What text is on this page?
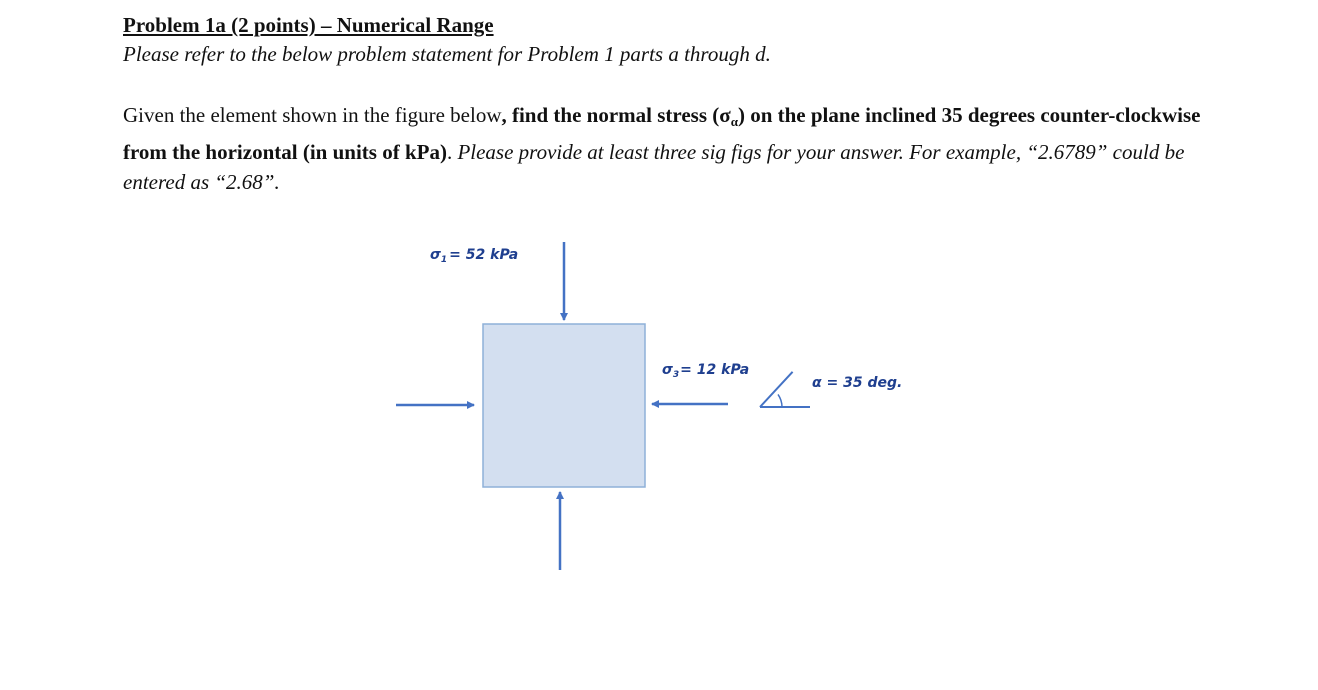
Problem 1a (2 points) – Numerical Range
Please refer to the below problem statement for Problem 1 parts a through d.
Given the element shown in the figure below, find the normal stress $(\sigma_\alpha)$ on the plane inclined 35 degrees counter-clockwise from the horizontal (in units of kPa). Please provide at least three sig figs for your answer. For example, “2.6789” could be entered as “2.68”.
$\sigma_1 = 52$ kPa
$\sigma_3= 12$ kPa
α = 35 deg.
